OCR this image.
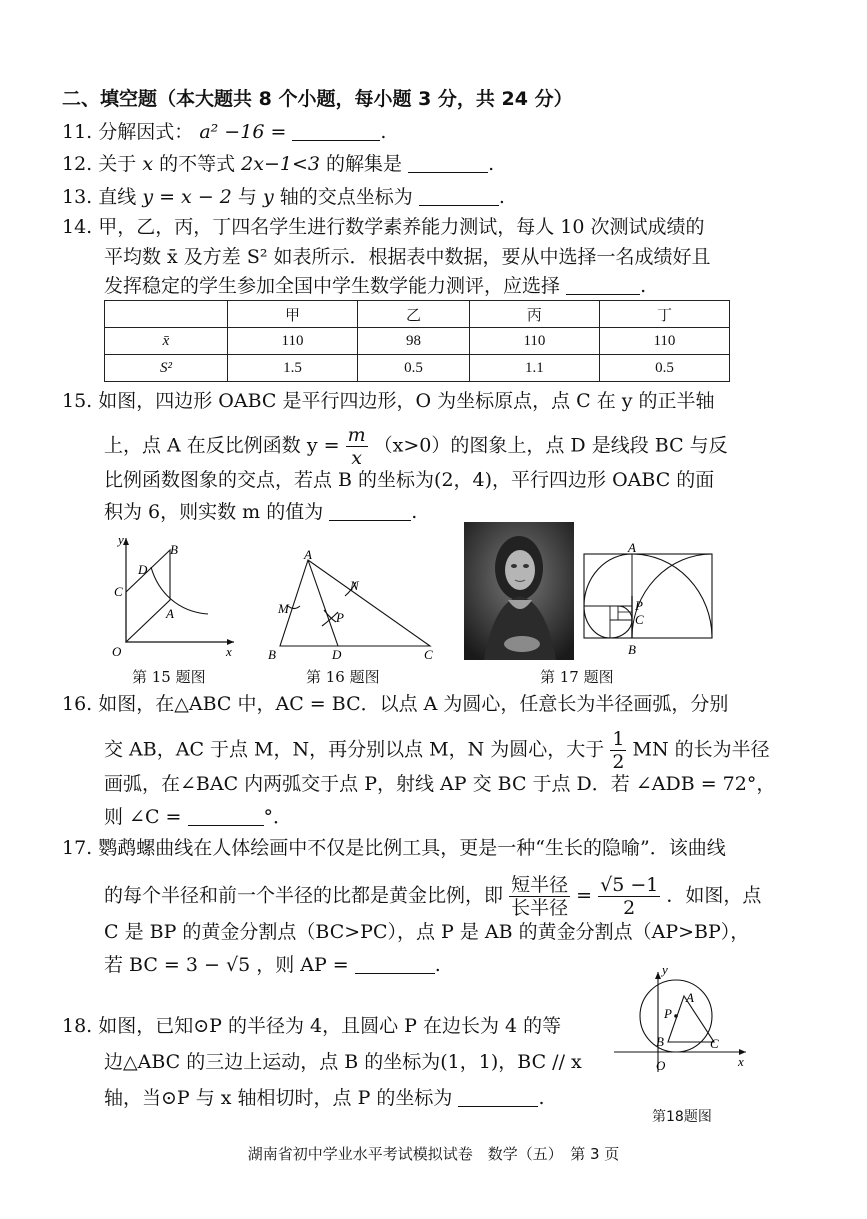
二、填空题（本大题共 8 个小题，每小题 3 分，共 24 分）
11. 分解因式： a² −16 =	.
12. 关于 x 的不等式 2x−1<3 的解集是	.
13. 直线 y = x − 2 与 y 轴的交点坐标为	.
14. 甲，乙，丙，丁四名学生进行数学素养能力测试，每人 10 次测试成绩的
平均数 x̄ 及方差 S² 如表所示．根据表中数据，要从中选择一名成绩好且
发挥稳定的学生参加全国中学生数学能力测评，应选择	.
	甲	乙	丙	丁
x̄	110	98	110	110
S²	1.5	0.5	1.1	0.5
15. 如图，四边形 OABC 是平行四边形，O 为坐标原点，点 C 在 y 的正半轴
上，点 A 在反比例函数 $y = \frac{m}{x} (x>0)$的图象上，点 D 是线段 BC 与反
比例函数图象的交点，若点 B 的坐标为(2，4)，平行四边形 OABC 的面
积为 6，则实数 m 的值为	.
y
x
O
B
D
C
A
第 15 题图
A
N
M
P
B	D	C
第 16 题图
A
P
C
B
第 17 题图
16. 如图，在△ABC 中，AC = BC．以点 A 为圆心，任意长为半径画弧，分别
交 AB，AC 于点 M，N，再分别以点 M，N 为圆心，大于 $\frac{1}{2}$ MN 的长为半径
画弧，在∠BAC 内两弧交于点 P，射线 AP 交 BC 于点 D．若 ∠ADB = 72°，
则 ∠C =	°．
17. 鹦鹉螺曲线在人体绘画中不仅是比例工具，更是一种“生长的隐喻”．该曲线
的每个半径和前一个半径的比都是黄金比例，即 $\frac{\text{短半径}}{\text{长半径}} = \frac{√5 -1}{2}$ ．如图，点
C 是 BP 的黄金分割点（BC>PC），点 P 是 AB 的黄金分割点（AP>BP），
若 BC = 3 − √5 ，则 AP =	.
18. 如图，已知⊙P 的半径为 4，且圆心 P 在边长为 4 的等
边△ABC 的三边上运动，点 B 的坐标为(1，1)，BC // x
轴，当⊙P 与 x 轴相切时，点 P 的坐标为	.
y
A
P
B	C
O	x
第18题图
湖南省初中学业水平考试模拟试卷　数学（五）　第 3 页
